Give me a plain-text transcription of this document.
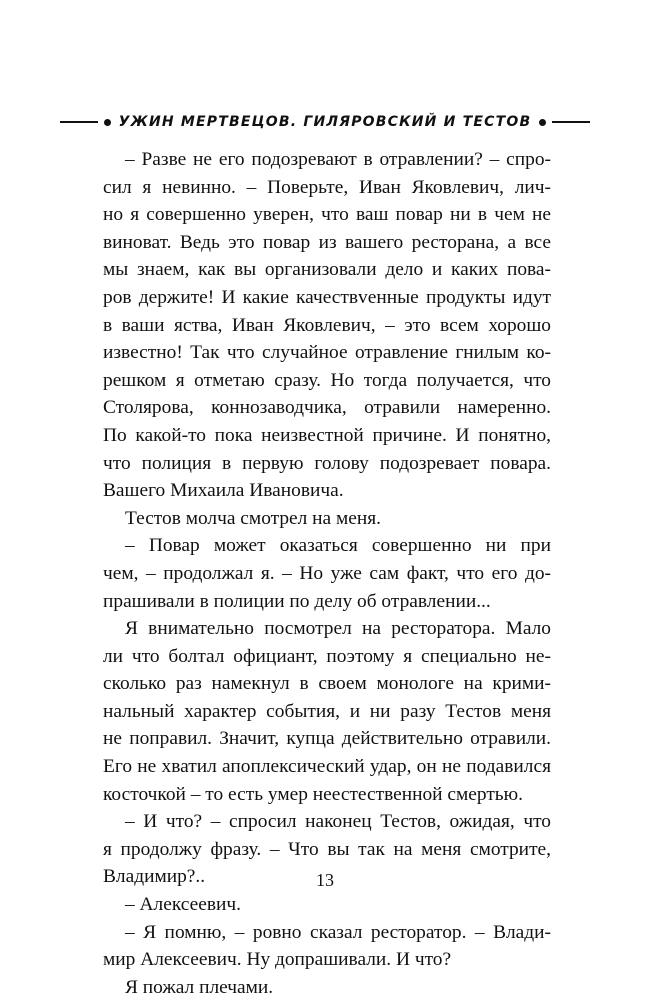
УЖИН МЕРТВЕЦОВ. ГИЛЯРОВСКИЙ И ТЕСТОВ
– Разве не его подозревают в отравлении? – спро-
сил я невинно. – Поверьте, Иван Яковлевич, лич-
но я совершенно уверен, что ваш повар ни в чем не
виноват. Ведь это повар из вашего ресторана, а все
мы знаем, как вы организовали дело и каких пова-
ров держите! И какие качествvенные продукты идут
в ваши яства, Иван Яковлевич, – это всем хорошо
известно! Так что случайное отравление гнилым ко-
решком я отметаю сразу. Но тогда получается, что
Столярова, коннозаводчика, отравили намеренно.
По какой-то пока неизвестной причине. И понятно,
что полиция в первую голову подозревает повара.
Вашего Михаила Ивановича.
Тестов молча смотрел на меня.
– Повар может оказаться совершенно ни при
чем, – продолжал я. – Но уже сам факт, что его до-
прашивали в полиции по делу об отравлении...
Я внимательно посмотрел на ресторатора. Мало
ли что болтал официант, поэтому я специально не-
сколько раз намекнул в своем монологе на крими-
нальный характер события, и ни разу Тестов меня
не поправил. Значит, купца действительно отравили.
Его не хватил апоплексический удар, он не подавился
косточкой – то есть умер неестественной смертью.
– И что? – спросил наконец Тестов, ожидая, что
я продолжу фразу. – Что вы так на меня смотрите,
Владимир?..
– Алексеевич.
– Я помню, – ровно сказал ресторатор. – Влади-
мир Алексеевич. Ну допрашивали. И что?
Я пожал плечами.
13
